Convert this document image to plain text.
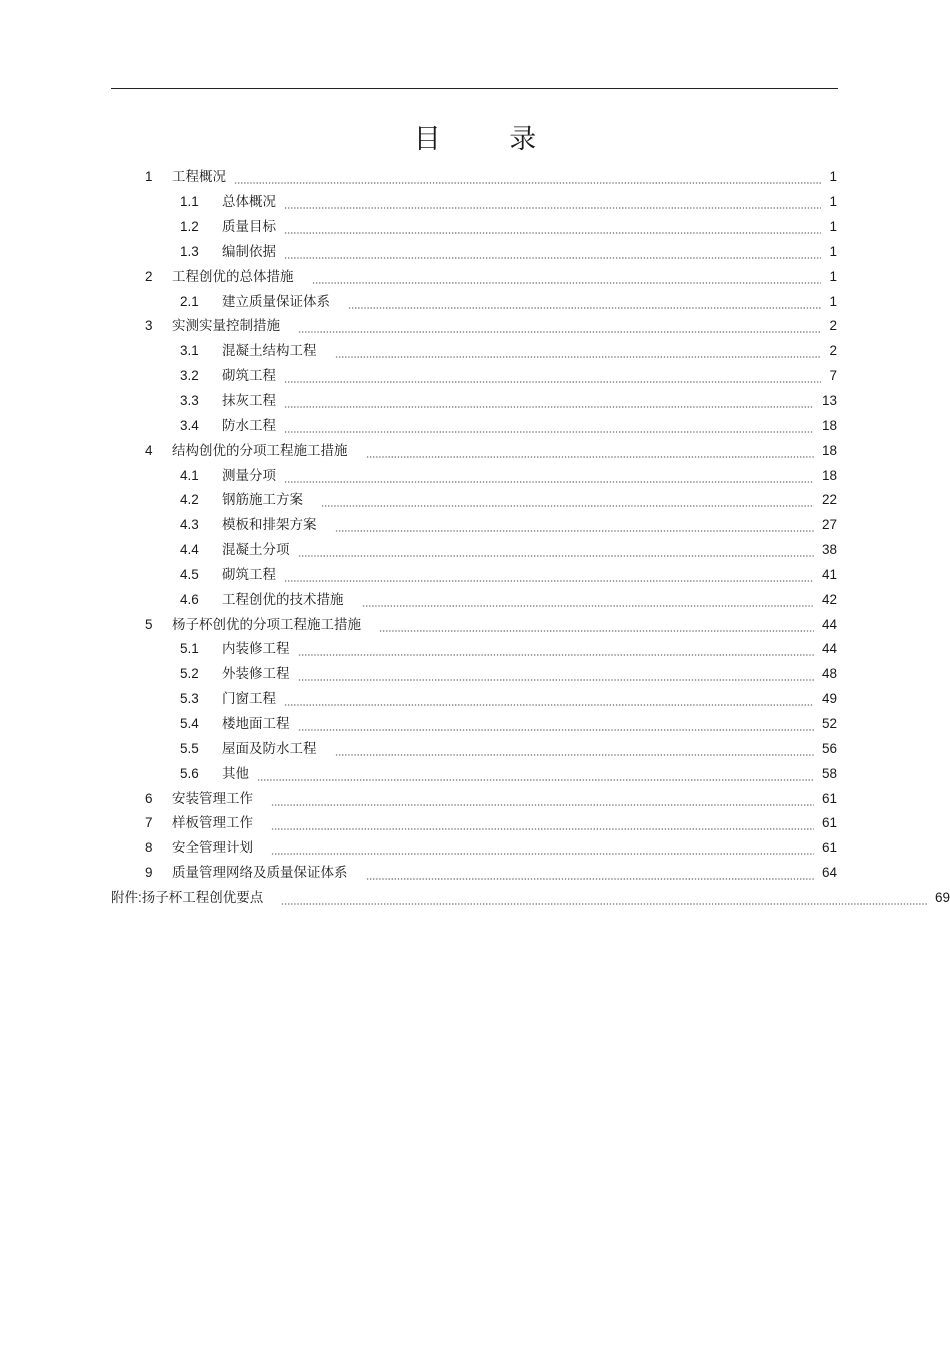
目 录
1	工程概况	1
1.1	总体概况	1
1.2	质量目标	1
1.3	编制依据	1
2	工程创优的总体措施	1
2.1	建立质量保证体系	1
3	实测实量控制措施	2
3.1	混凝土结构工程	2
3.2	砌筑工程	7
3.3	抹灰工程	13
3.4	防水工程	18
4	结构创优的分项工程施工措施	18
4.1	测量分项	18
4.2	钢筋施工方案	22
4.3	模板和排架方案	27
4.4	混凝土分项	38
4.5	砌筑工程	41
4.6	工程创优的技术措施	42
5	杨子杯创优的分项工程施工措施	44
5.1	内装修工程	44
5.2	外装修工程	48
5.3	门窗工程	49
5.4	楼地面工程	52
5.5	屋面及防水工程	56
5.6	其他	58
6	安装管理工作	61
7	样板管理工作	61
8	安全管理计划	61
9	质量管理网络及质量保证体系	64
附件: 扬子杯工程创优要点	69
